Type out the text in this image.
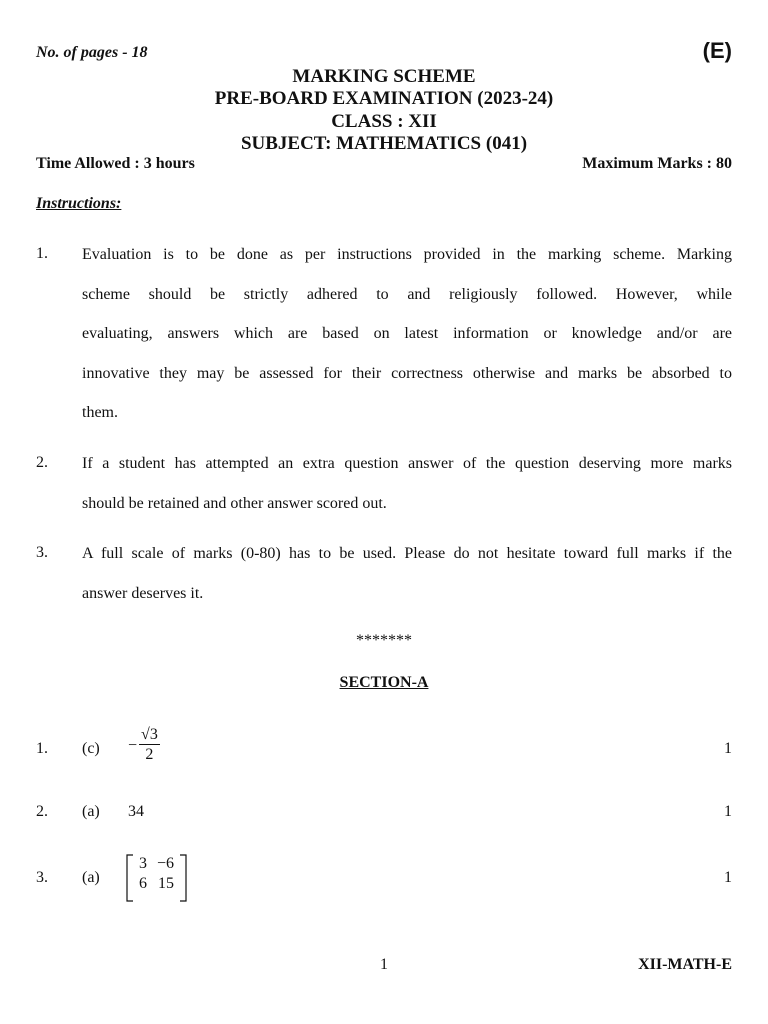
No. of pages - 18	(E)
MARKING SCHEME
PRE-BOARD EXAMINATION (2023-24)
CLASS : XII
SUBJECT: MATHEMATICS (041)
Time Allowed : 3 hours	Maximum Marks : 80
Instructions:
1. Evaluation is to be done as per instructions provided in the marking scheme. Marking
scheme should be strictly adhered to and religiously followed. However, while
evaluating, answers which are based on latest information or knowledge and/or are
innovative they may be assessed for their correctness otherwise and marks be absorbed to
them.
2. If a student has attempted an extra question answer of the question deserving more marks
should be retained and other answer scored out.
3. A full scale of marks (0-80) has to be used. Please do not hesitate toward full marks if the
answer deserves it.
*******
SECTION-A
1. $(c) - \frac{√3}{2}$	1
2. (a) 34	1
3. (a)
3	−6
6	15	1
1	XII-MATH-E
